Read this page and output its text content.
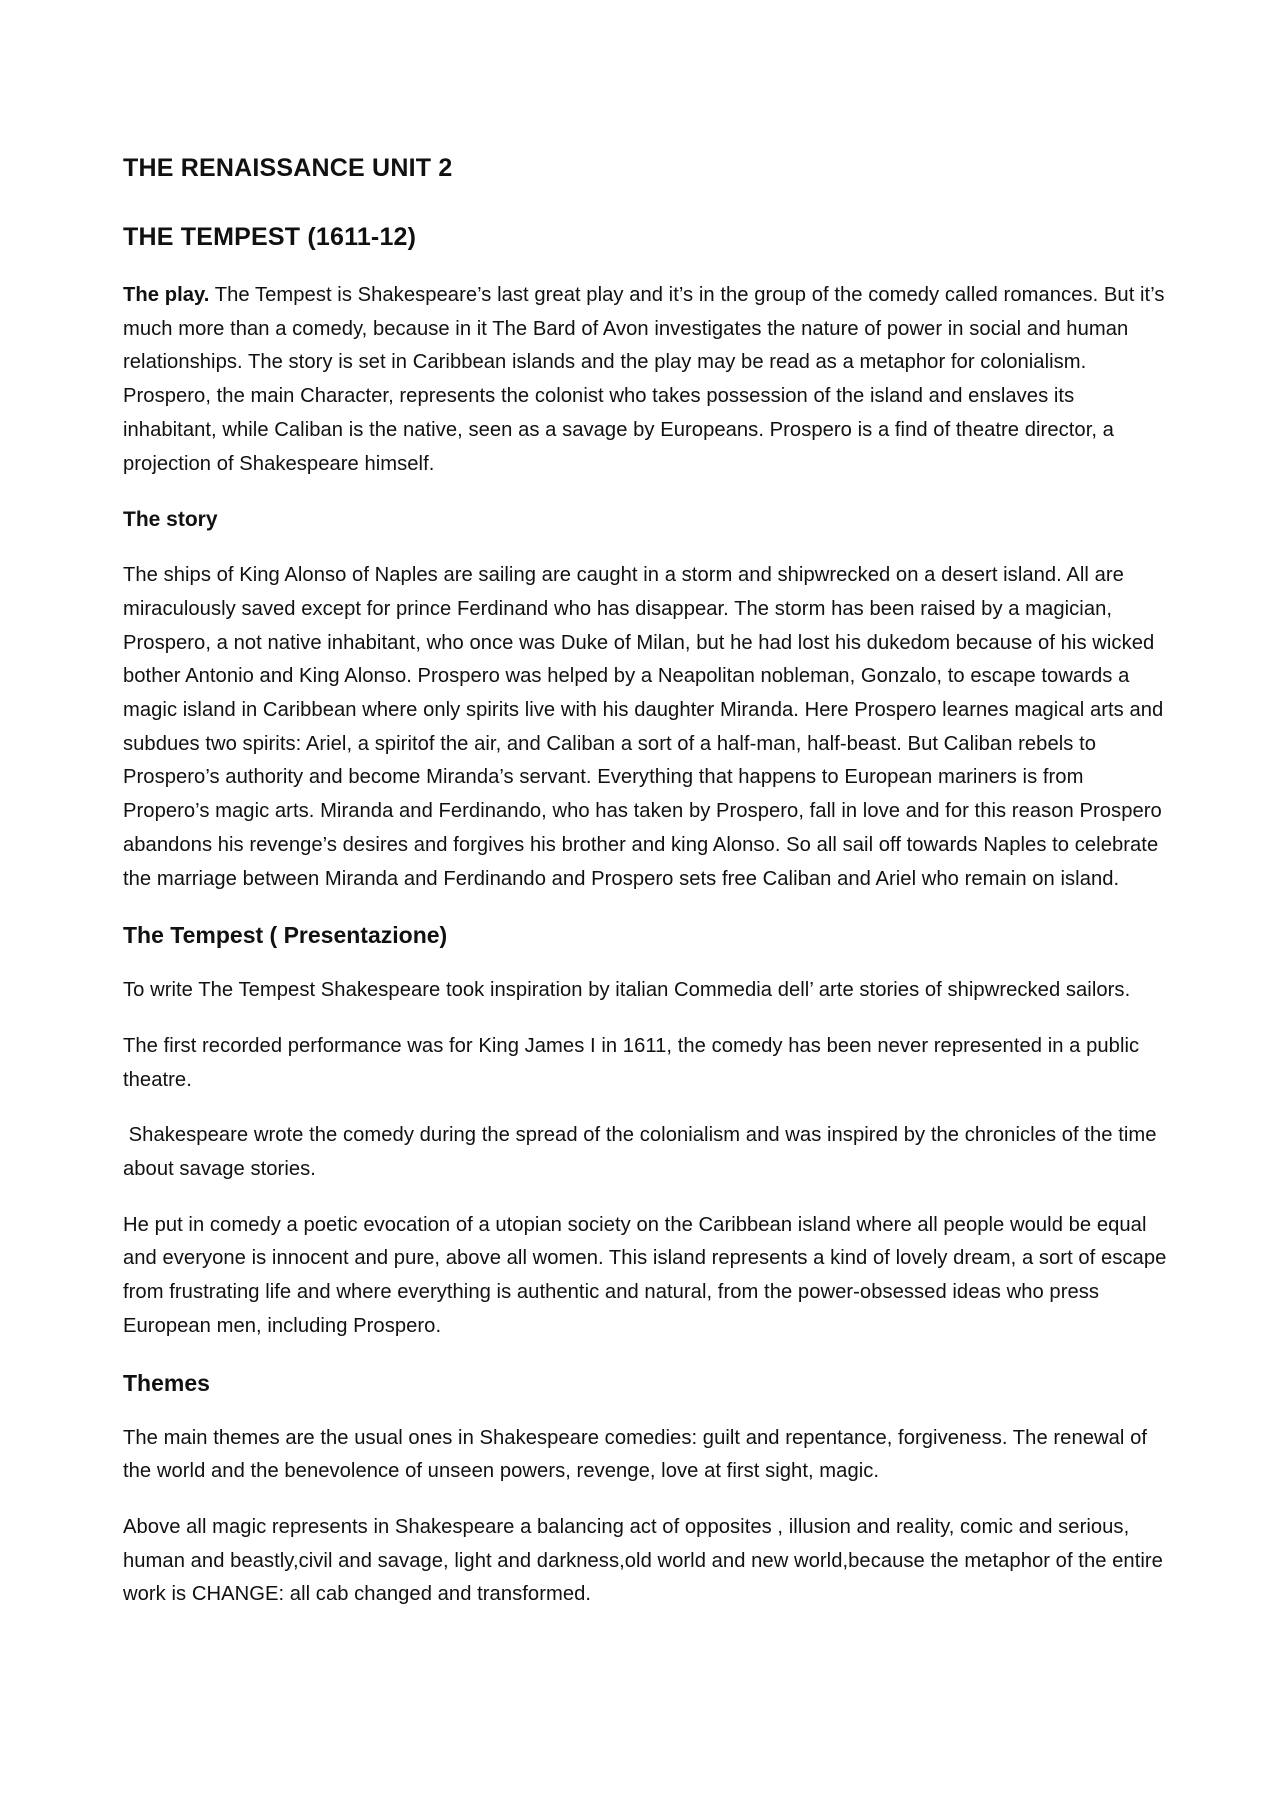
THE RENAISSANCE UNIT 2
THE TEMPEST (1611-12)

The play. The Tempest is Shakespeare’s last great play and it’s in the group of the comedy called romances. But it’s much more than a comedy, because in it The Bard of Avon investigates the nature of power in social and human relationships. The story is set in Caribbean islands and the play may be read as a metaphor for colonialism. Prospero, the main Character, represents the colonist who takes possession of the island and enslaves its inhabitant, while Caliban is the native, seen as a savage by Europeans. Prospero is a find of theatre director, a projection of Shakespeare himself.

The story

The ships of King Alonso of Naples are sailing are caught in a storm and shipwrecked on a desert island. All are miraculously saved except for prince Ferdinand who has disappear. The storm has been raised by a magician, Prospero, a not native inhabitant, who once was Duke of Milan, but he had lost his dukedom because of his wicked bother Antonio and King Alonso. Prospero was helped by a Neapolitan nobleman, Gonzalo, to escape towards a magic island in Caribbean where only spirits live with his daughter Miranda. Here Prospero learnes magical arts and subdues two spirits: Ariel, a spiritof the air, and Caliban a sort of a half-man, half-beast. But Caliban rebels to Prospero’s authority and become Miranda’s servant. Everything that happens to European mariners is from Propero’s magic arts. Miranda and Ferdinando, who has taken by Prospero, fall in love and for this reason Prospero abandons his revenge’s desires and forgives his brother and king Alonso. So all sail off towards Naples to celebrate the marriage between Miranda and Ferdinando and Prospero sets free Caliban and Ariel who remain on island.

The Tempest ( Presentazione)

To write The Tempest Shakespeare took inspiration by italian Commedia dell’ arte stories of shipwrecked sailors.

The first recorded performance was for King James I in 1611, the comedy has been never represented in a public theatre.

Shakespeare wrote the comedy during the spread of the colonialism and was inspired by the chronicles of the time about savage stories.

He put in comedy a poetic evocation of a utopian society on the Caribbean island where all people would be equal and everyone is innocent and pure, above all women. This island represents a kind of lovely dream, a sort of escape from frustrating life and where everything is authentic and natural, from the power-obsessed ideas who press European men, including Prospero.

Themes

The main themes are the usual ones in Shakespeare comedies: guilt and repentance, forgiveness. The renewal of the world and the benevolence of unseen powers, revenge, love at first sight, magic.

Above all magic represents in Shakespeare a balancing act of opposites , illusion and reality, comic and serious, human and beastly,civil and savage, light and darkness,old world and new world,because the metaphor of the entire work is CHANGE: all cab changed and transformed.
